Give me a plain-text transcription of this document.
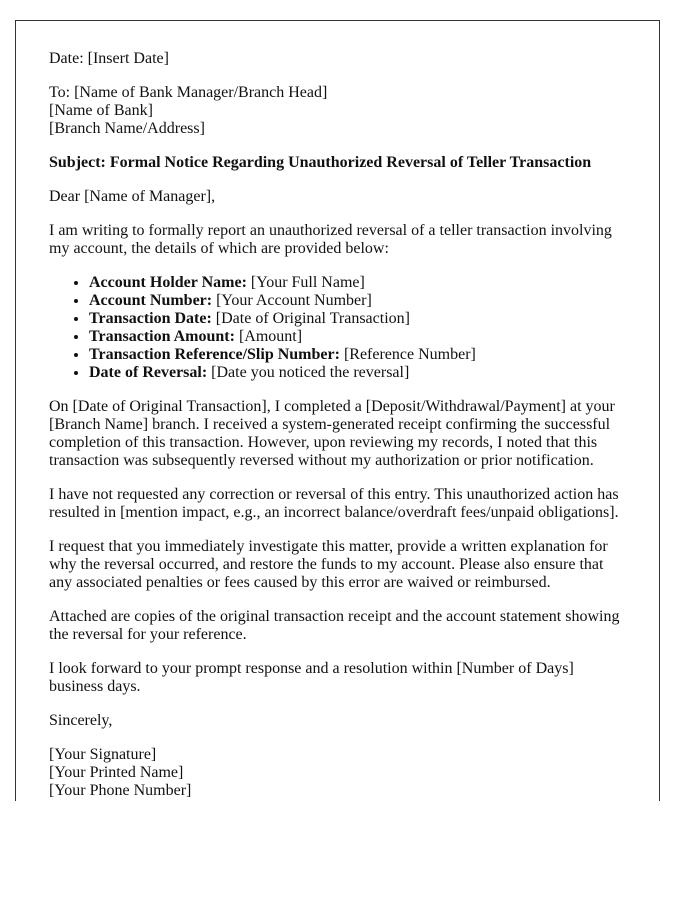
Date: [Insert Date]

To: [Name of Bank Manager/Branch Head]
[Name of Bank]
[Branch Name/Address]

Subject: Formal Notice Regarding Unauthorized Reversal of Teller Transaction

Dear [Name of Manager],

I am writing to formally report an unauthorized reversal of a teller transaction involving my account, the details of which are provided below:

• Account Holder Name: [Your Full Name]
• Account Number: [Your Account Number]
• Transaction Date: [Date of Original Transaction]
• Transaction Amount: [Amount]
• Transaction Reference/Slip Number: [Reference Number]
• Date of Reversal: [Date you noticed the reversal]

On [Date of Original Transaction], I completed a [Deposit/Withdrawal/Payment] at your [Branch Name] branch. I received a system-generated receipt confirming the successful completion of this transaction. However, upon reviewing my records, I noted that this transaction was subsequently reversed without my authorization or prior notification.

I have not requested any correction or reversal of this entry. This unauthorized action has resulted in [mention impact, e.g., an incorrect balance/overdraft fees/unpaid obligations].

I request that you immediately investigate this matter, provide a written explanation for why the reversal occurred, and restore the funds to my account. Please also ensure that any associated penalties or fees caused by this error are waived or reimbursed.

Attached are copies of the original transaction receipt and the account statement showing the reversal for your reference.

I look forward to your prompt response and a resolution within [Number of Days] business days.

Sincerely,

[Your Signature]
[Your Printed Name]
[Your Phone Number]
